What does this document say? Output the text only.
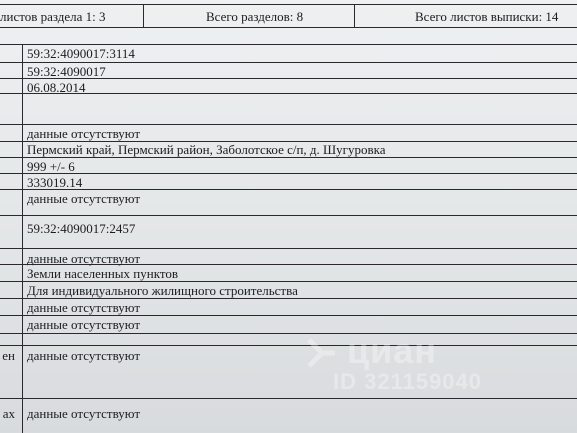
листов раздела 1: 3	Всего разделов: 8	Всего листов выписки: 14
59:32:4090017:3114
59:32:4090017
06.08.2014
данные отсутствуют
Пермский край, Пермский район, Заболотское с/п, д. Шугуровка
999 +/- 6
333019.14
данные отсутствуют
59:32:4090017:2457
данные отсутствуют
Земли населенных пунктов
Для индивидуального жилищного строительства
данные отсутствуют
данные отсутствуют
данные отсутствуют
данные отсутствуют
ен
ах
циан
ID 321159040
